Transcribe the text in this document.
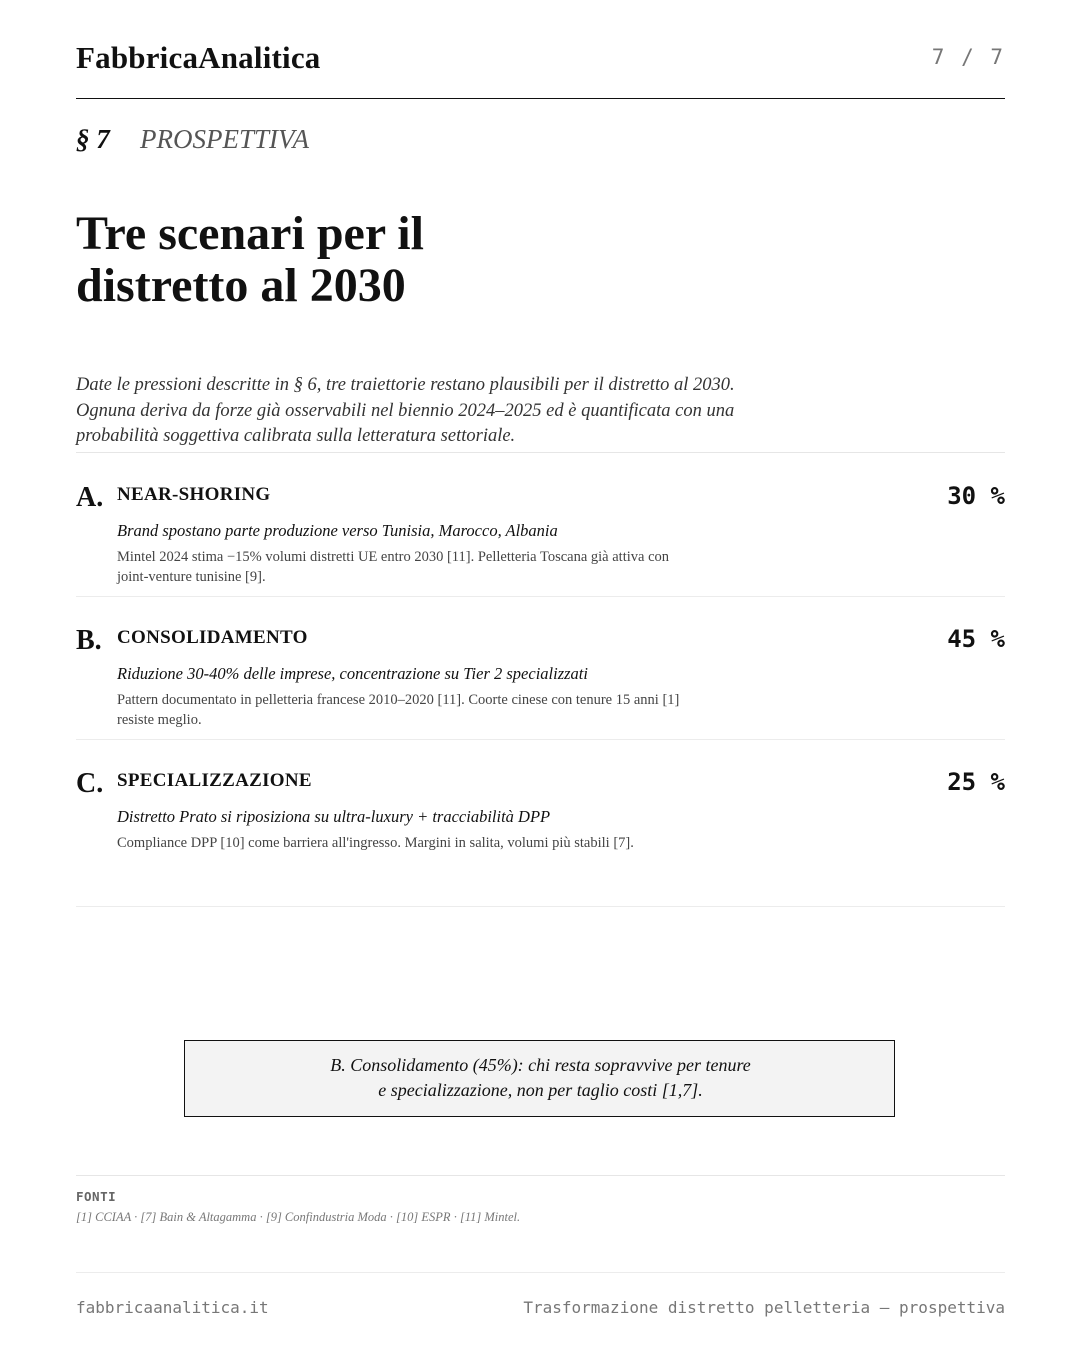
FabbricaAnalitica	7 / 7
§ 7 PROSPETTIVA
Tre scenari per il
distretto al 2030

Date le pressioni descritte in § 6, tre traiettorie restano plausibili per il distretto al 2030. Ognuna deriva da forze già osservabili nel biennio 2024–2025 ed è quantificata con una probabilità soggettiva calibrata sulla letteratura settoriale.

A. NEAR-SHORING	30 %
Brand spostano parte produzione verso Tunisia, Marocco, Albania
Mintel 2024 stima −15% volumi distretti UE entro 2030 [11]. Pelletteria Toscana già attiva con joint-venture tunisine [9].
B. CONSOLIDAMENTO	45 %
Riduzione 30-40% delle imprese, concentrazione su Tier 2 specializzati
Pattern documentato in pelletteria francese 2010–2020 [11]. Coorte cinese con tenure 15 anni [1] resiste meglio.
C. SPECIALIZZAZIONE	25 %
Distretto Prato si riposiziona su ultra-luxury + tracciabilità DPP
Compliance DPP [10] come barriera all'ingresso. Margini in salita, volumi più stabili [7].
B. Consolidamento (45%): chi resta sopravvive per tenure
e specializzazione, non per taglio costi [1,7].
FONTI
[1] CCIAA · [7] Bain & Altagamma · [9] Confindustria Moda · [10] ESPR · [11] Mintel.
fabbricaanalitica.it	Trasformazione distretto pelletteria — prospettiva
